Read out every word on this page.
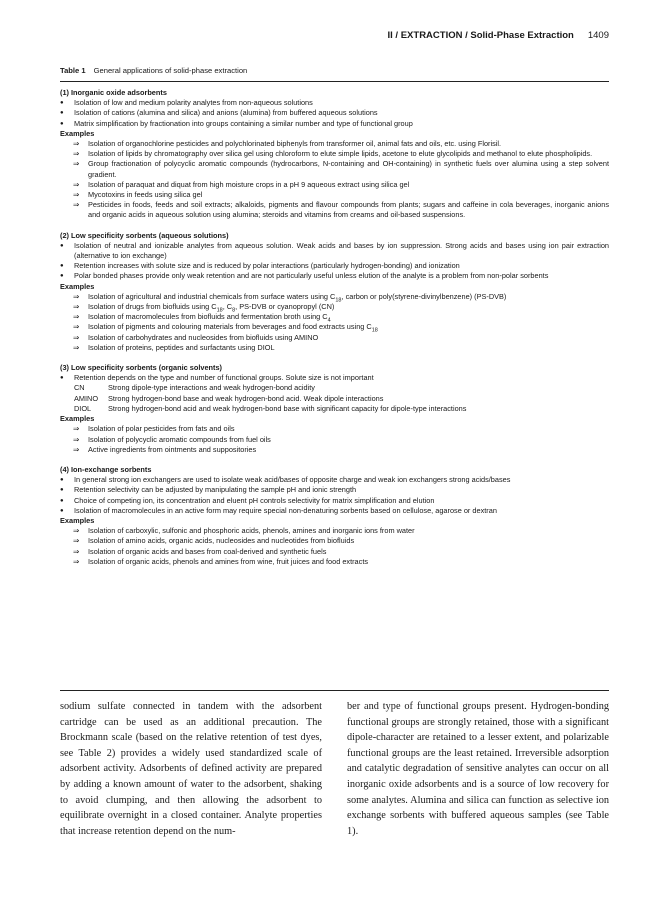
II / EXTRACTION / Solid-Phase Extraction 1409
Table 1 General applications of solid-phase extraction
(1) Inorganic oxide adsorbents
● Isolation of low and medium polarity analytes from non-aqueous solutions
● Isolation of cations (alumina and silica) and anions (alumina) from buffered aqueous solutions
● Matrix simplification by fractionation into groups containing a similar number and type of functional group
Examples
⇒ Isolation of organochlorine pesticides and polychlorinated biphenyls from transformer oil, animal fats and oils, etc. using Florisil.
⇒ Isolation of lipids by chromatography over silica gel using chloroform to elute simple lipids, acetone to elute glycolipids and methanol to elute phospholipids.
⇒ Group fractionation of polycyclic aromatic compounds (hydrocarbons, N-containing and OH-containing) in synthetic fuels over alumina using a step solvent gradient.
⇒ Isolation of paraquat and diquat from high moisture crops in a pH 9 aqueous extract using silica gel
⇒ Mycotoxins in feeds using silica gel
⇒ Pesticides in foods, feeds and soil extracts; alkaloids, pigments and flavour compounds from plants; sugars and caffeine in cola beverages, inorganic anions and organic acids in aqueous solution using alumina; steroids and vitamins from creams and oil-based suspensions.
(2) Low specificity sorbents (aqueous solutions)
● Isolation of neutral and ionizable analytes from aqueous solution. Weak acids and bases by ion suppression. Strong acids and bases using ion pair extraction (alternative to ion exchange)
● Retention increases with solute size and is reduced by polar interactions (particularly hydrogen-bonding) and ionization
● Polar bonded phases provide only weak retention and are not particularly useful unless elution of the analyte is a problem from non-polar sorbents
Examples
⇒ Isolation of agricultural and industrial chemicals from surface waters using $C_{18}$, carbon or poly(styrene-divinylbenzene) (PS-DVB)
⇒ Isolation of drugs from biofluids using $C_{18}$, $C_8$, PS-DVB or cyanopropyl (CN)
⇒ Isolation of macromolecules from biofluids and fermentation broth using $C_4$
⇒ Isolation of pigments and colouring materials from beverages and food extracts using $C_{18}$
⇒ Isolation of carbohydrates and nucleosides from biofluids using AMINO
⇒ Isolation of proteins, peptides and surfactants using DIOL
(3) Low specificity sorbents (organic solvents)
● Retention depends on the type and number of functional groups. Solute size is not important
CN	Strong dipole-type interactions and weak hydrogen-bond acidity
AMINO	Strong hydrogen-bond base and weak hydrogen-bond acid. Weak dipole interactions
DIOL	Strong hydrogen-bond acid and weak hydrogen-bond base with significant capacity for dipole-type interactions
Examples
⇒ Isolation of polar pesticides from fats and oils
⇒ Isolation of polycyclic aromatic compounds from fuel oils
⇒ Active ingredients from ointments and suppositories
(4) Ion-exchange sorbents
● In general strong ion exchangers are used to isolate weak acid/bases of opposite charge and weak ion exchangers strong acids/bases
● Retention selectivity can be adjusted by manipulating the sample pH and ionic strength
● Choice of competing ion, its concentration and eluent pH controls selectivity for matrix simplification and elution
● Isolation of macromolecules in an active form may require special non-denaturing sorbents based on cellulose, agarose or dextran
Examples
⇒ Isolation of carboxylic, sulfonic and phosphoric acids, phenols, amines and inorganic ions from water
⇒ Isolation of amino acids, organic acids, nucleosides and nucleotides from biofluids
⇒ Isolation of organic acids and bases from coal-derived and synthetic fuels
⇒ Isolation of organic acids, phenols and amines from wine, fruit juices and food extracts
sodium sulfate connected in tandem with the adsorbent cartridge can be used as an additional precaution. The Brockmann scale (based on the relative retention of test dyes, see Table 2) provides a widely used standardized scale of adsorbent activity. Adsorbents of defined activity are prepared by adding a known amount of water to the adsorbent, shaking to avoid clumping, and then allowing the adsorbent to equilibrate overnight in a closed container. Analyte properties that increase retention depend on the num-
ber and type of functional groups present. Hydrogen-bonding functional groups are strongly retained, those with a significant dipole-character are retained to a lesser extent, and polarizable functional groups are the least retained. Irreversible adsorption and catalytic degradation of sensitive analytes can occur on all inorganic oxide adsorbents and is a source of low recovery for some analytes. Alumina and silica can function as selective ion exchange sorbents with buffered aqueous samples (see Table 1).
